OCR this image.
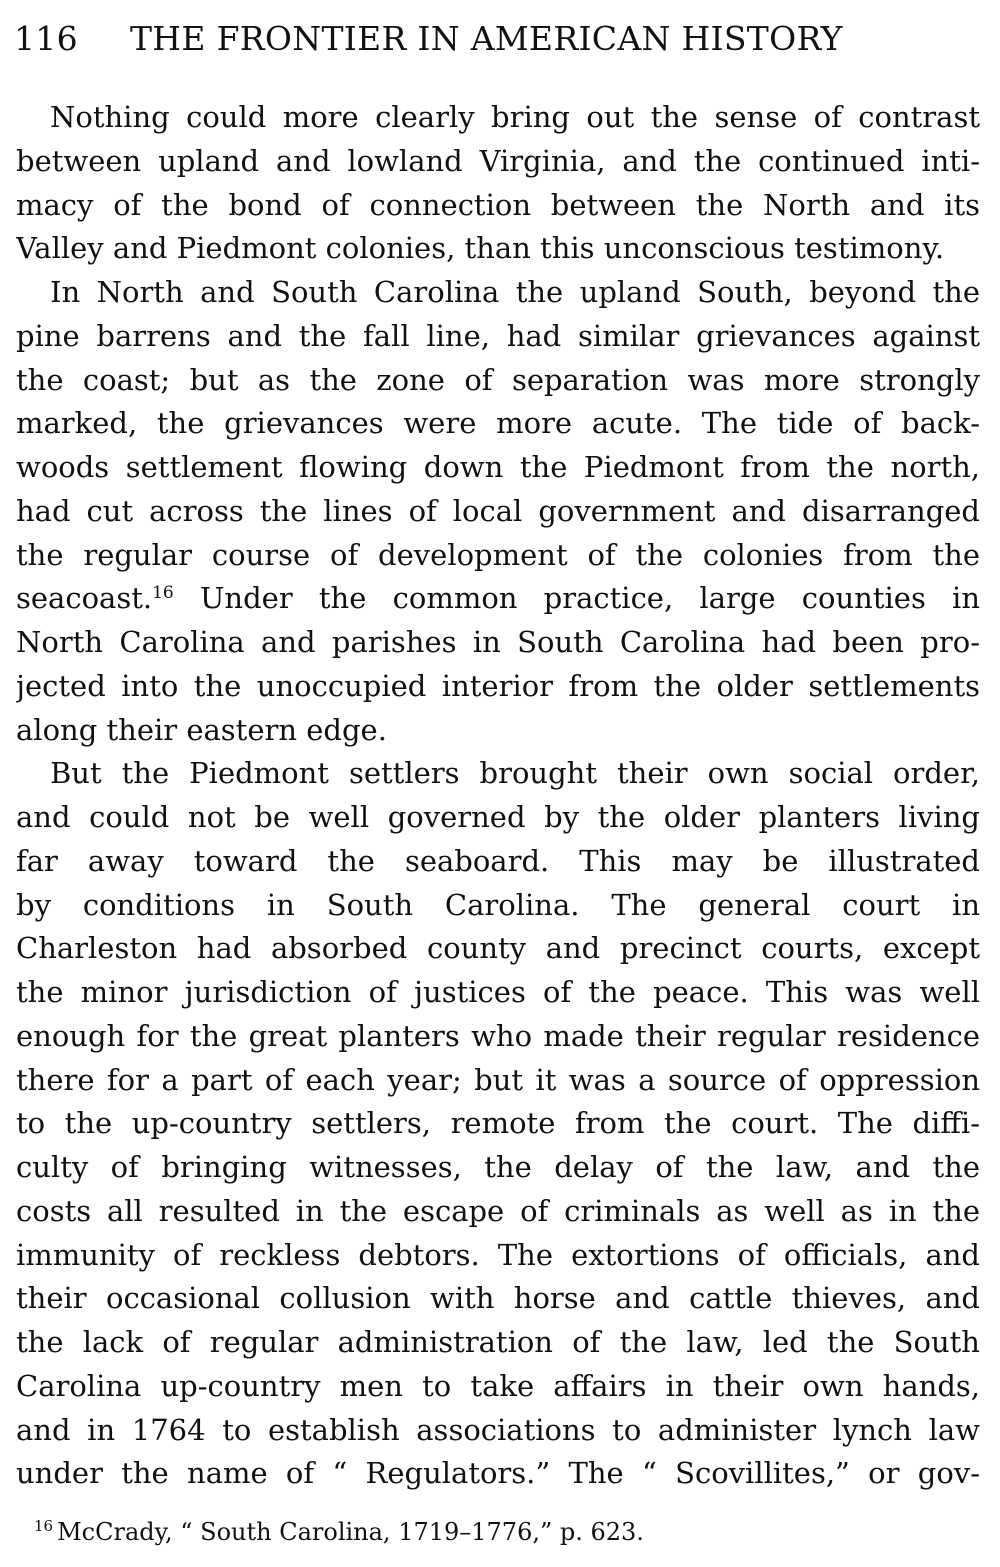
116 THE FRONTIER IN AMERICAN HISTORY
Nothing could more clearly bring out the sense of contrast
between upland and lowland Virginia, and the continued inti-
macy of the bond of connection between the North and its
Valley and Piedmont colonies, than this unconscious testimony.
In North and South Carolina the upland South, beyond the
pine barrens and the fall line, had similar grievances against
the coast; but as the zone of separation was more strongly
marked, the grievances were more acute. The tide of back-
woods settlement flowing down the Piedmont from the north,
had cut across the lines of local government and disarranged
the regular course of development of the colonies from the
seacoast.$^{16}$ Under the common practice, large counties in
North Carolina and parishes in South Carolina had been pro-
jected into the unoccupied interior from the older settlements
along their eastern edge.
But the Piedmont settlers brought their own social order,
and could not be well governed by the older planters living
far away toward the seaboard. This may be illustrated
by conditions in South Carolina. The general court in
Charleston had absorbed county and precinct courts, except
the minor jurisdiction of justices of the peace. This was well
enough for the great planters who made their regular residence
there for a part of each year; but it was a source of oppression
to the up-country settlers, remote from the court. The diffi-
culty of bringing witnesses, the delay of the law, and the
costs all resulted in the escape of criminals as well as in the
immunity of reckless debtors. The extortions of officials, and
their occasional collusion with horse and cattle thieves, and
the lack of regular administration of the law, led the South
Carolina up-country men to take affairs in their own hands,
and in 1764 to establish associations to administer lynch law
under the name of “ Regulators.” The “ Scovillites,” or gov-
$^{16}$ McCrady, “ South Carolina, 1719–1776,” p. 623.
